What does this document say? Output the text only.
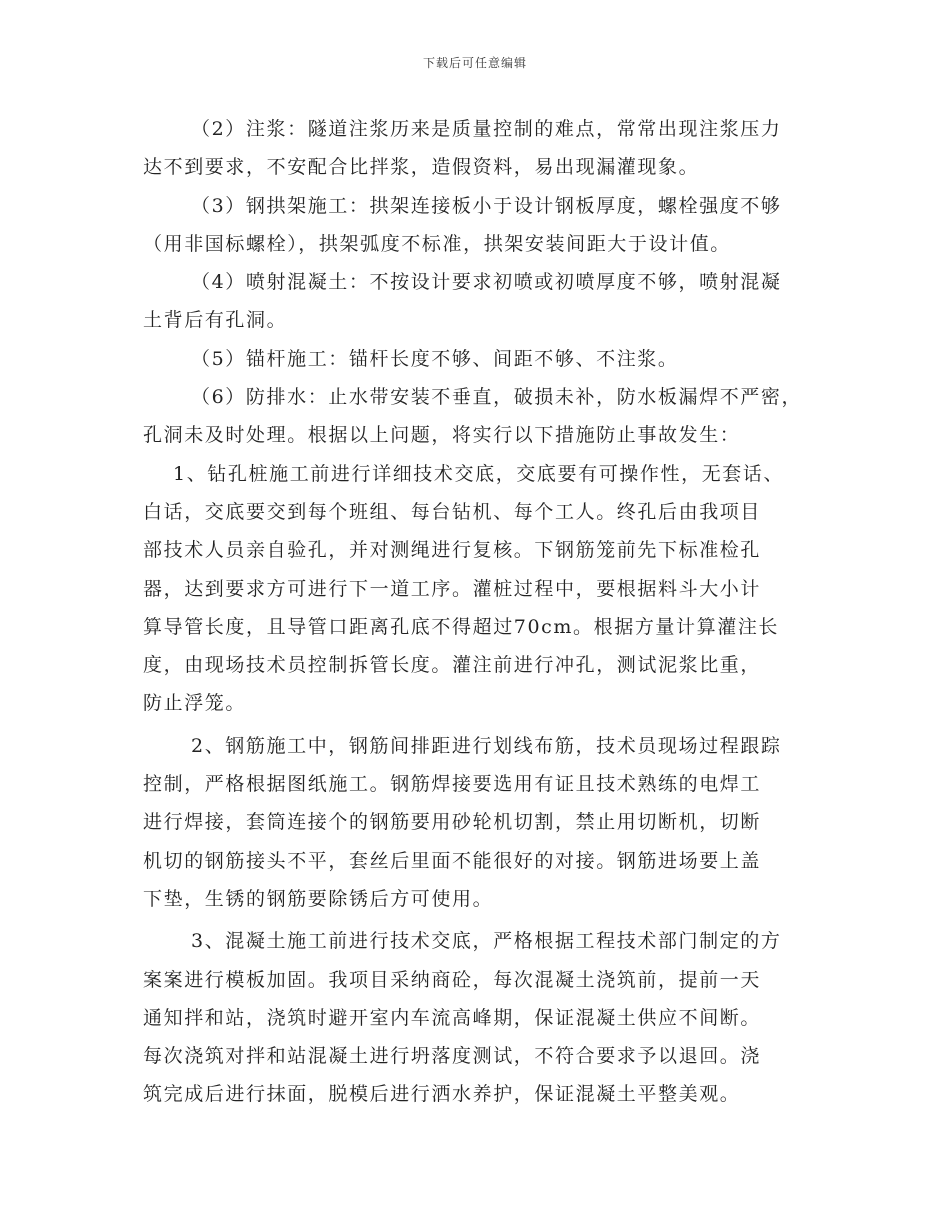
下载后可任意编辑
（2）注浆：隧道注浆历来是质量控制的难点，常常出现注浆压力
达不到要求，不安配合比拌浆，造假资料，易出现漏灌现象。
（3）钢拱架施工：拱架连接板小于设计钢板厚度，螺栓强度不够
（用非国标螺栓），拱架弧度不标准，拱架安装间距大于设计值。
（4）喷射混凝土：不按设计要求初喷或初喷厚度不够，喷射混凝
土背后有孔洞。
（5）锚杆施工：锚杆长度不够、间距不够、不注浆。
（6）防排水：止水带安装不垂直，破损未补，防水板漏焊不严密，
孔洞未及时处理。根据以上问题，将实行以下措施防止事故发生：
1、钻孔桩施工前进行详细技术交底，交底要有可操作性，无套话、
白话，交底要交到每个班组、每台钻机、每个工人。终孔后由我项目
部技术人员亲自验孔，并对测绳进行复核。下钢筋笼前先下标准检孔
器，达到要求方可进行下一道工序。灌桩过程中，要根据料斗大小计
算导管长度，且导管口距离孔底不得超过70cm。根据方量计算灌注长
度，由现场技术员控制拆管长度。灌注前进行冲孔，测试泥浆比重，
防止浮笼。
2、钢筋施工中，钢筋间排距进行划线布筋，技术员现场过程跟踪
控制，严格根据图纸施工。钢筋焊接要选用有证且技术熟练的电焊工
进行焊接，套筒连接个的钢筋要用砂轮机切割，禁止用切断机，切断
机切的钢筋接头不平，套丝后里面不能很好的对接。钢筋进场要上盖
下垫，生锈的钢筋要除锈后方可使用。
3、混凝土施工前进行技术交底，严格根据工程技术部门制定的方
案案进行模板加固。我项目采纳商砼，每次混凝土浇筑前，提前一天
通知拌和站，浇筑时避开室内车流高峰期，保证混凝土供应不间断。
每次浇筑对拌和站混凝土进行坍落度测试，不符合要求予以退回。浇
筑完成后进行抹面，脱模后进行洒水养护，保证混凝土平整美观。
